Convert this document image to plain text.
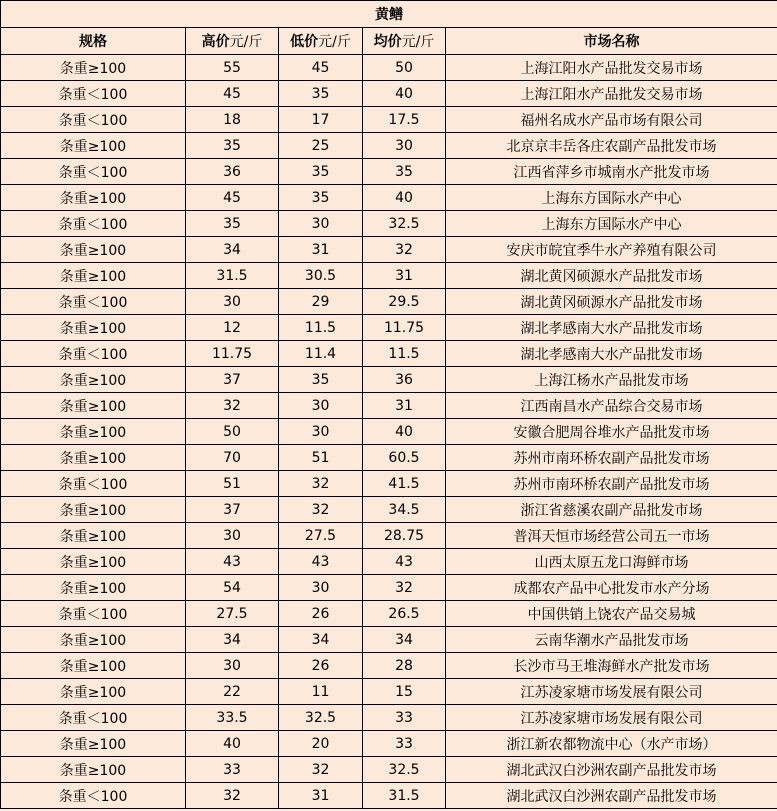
黄鳝				
规格	高价元/斤	低价元/斤	均价元/斤	市场名称
条重≥100	55	45	50	上海江阳水产品批发交易市场
条重＜100	45	35	40	上海江阳水产品批发交易市场
条重＜100	18	17	17.5	福州名成水产品市场有限公司
条重≥100	35	25	30	北京京丰岳各庄农副产品批发市场
条重＜100	36	35	35	江西省萍乡市城南水产批发市场
条重≥100	45	35	40	上海东方国际水产中心
条重＜100	35	30	32.5	上海东方国际水产中心
条重≥100	34	31	32	安庆市皖宜季牛水产养殖有限公司
条重≥100	31.5	30.5	31	湖北黄冈硕源水产品批发市场
条重＜100	30	29	29.5	湖北黄冈硕源水产品批发市场
条重≥100	12	11.5	11.75	湖北孝感南大水产品批发市场
条重＜100	11.75	11.4	11.5	湖北孝感南大水产品批发市场
条重≥100	37	35	36	上海江杨水产品批发市场
条重≥100	32	30	31	江西南昌水产品综合交易市场
条重≥100	50	30	40	安徽合肥周谷堆水产品批发市场
条重≥100	70	51	60.5	苏州市南环桥农副产品批发市场
条重＜100	51	32	41.5	苏州市南环桥农副产品批发市场
条重≥100	37	32	34.5	浙江省慈溪农副产品批发市场
条重≥100	30	27.5	28.75	普洱天恒市场经营公司五一市场
条重≥100	43	43	43	山西太原五龙口海鲜市场
条重≥100	54	30	32	成都农产品中心批发市水产分场
条重＜100	27.5	26	26.5	中国供销上饶农产品交易城
条重≥100	34	34	34	云南华潮水产品批发市场
条重≥100	30	26	28	长沙市马王堆海鲜水产批发市场
条重≥100	22	11	15	江苏凌家塘市场发展有限公司
条重＜100	33.5	32.5	33	江苏凌家塘市场发展有限公司
条重≥100	40	20	33	浙江新农都物流中心（水产市场）
条重≥100	33	32	32.5	湖北武汉白沙洲农副产品批发市场
条重＜100	32	31	31.5	湖北武汉白沙洲农副产品批发市场
